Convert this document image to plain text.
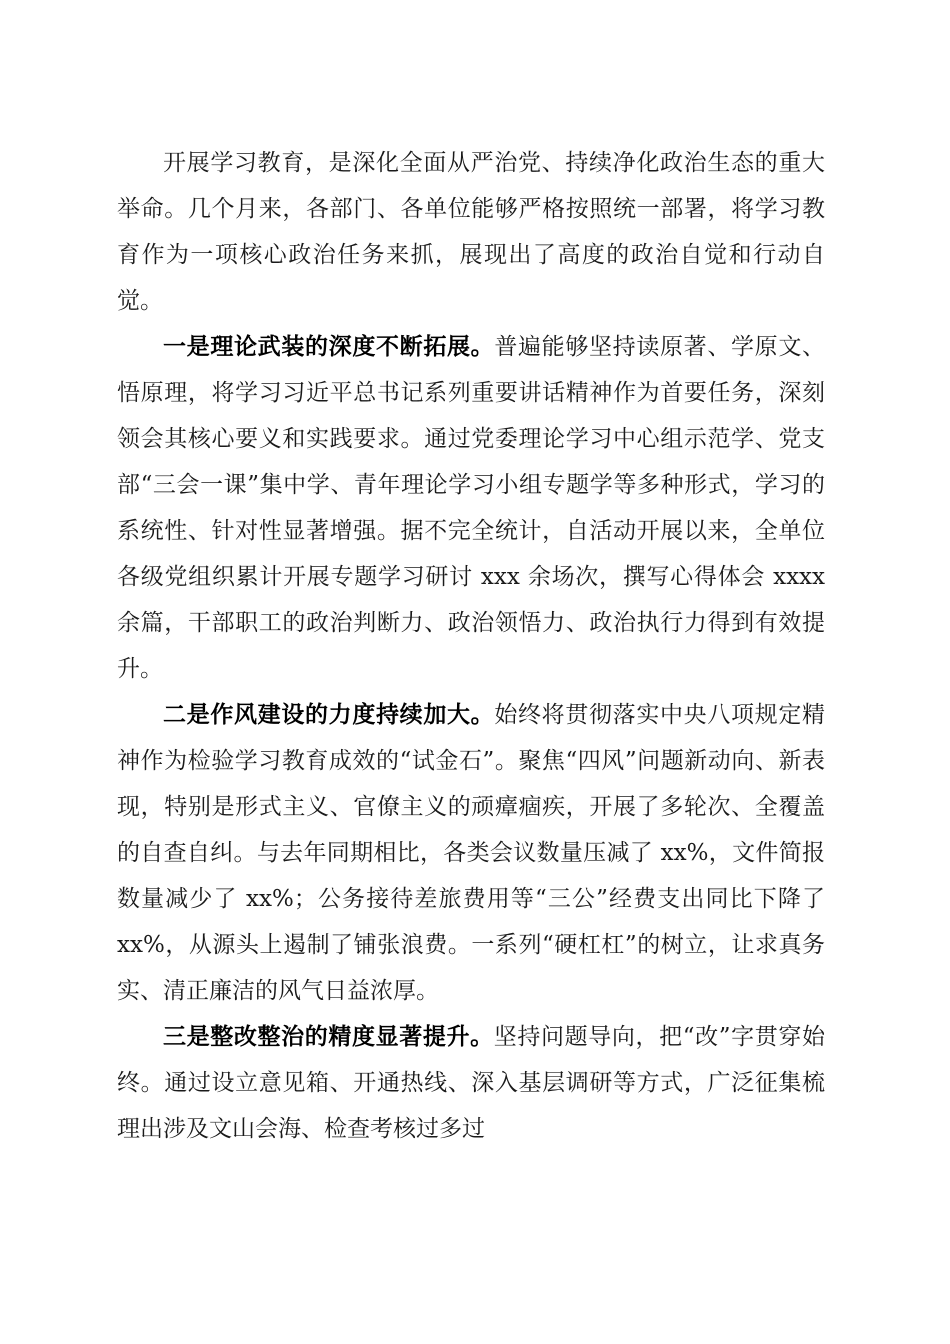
开展学习教育，是深化全面从严治党、持续净化政治生态的重大举命。几个月来，各部门、各单位能够严格按照统一部署，将学习教育作为一项核心政治任务来抓，展现出了高度的政治自觉和行动自觉。

一是理论武装的深度不断拓展。普遍能够坚持读原著、学原文、悟原理，将学习习近平总书记系列重要讲话精神作为首要任务，深刻领会其核心要义和实践要求。通过党委理论学习中心组示范学、党支部“三会一课”集中学、青年理论学习小组专题学等多种形式，学习的系统性、针对性显著增强。据不完全统计，自活动开展以来，全单位各级党组织累计开展专题学习研讨 xxx 余场次，撰写心得体会 xxxx 余篇，干部职工的政治判断力、政治领悟力、政治执行力得到有效提升。

二是作风建设的力度持续加大。始终将贯彻落实中央八项规定精神作为检验学习教育成效的“试金石”。聚焦“四风”问题新动向、新表现，特别是形式主义、官僚主义的顽瘴痼疾，开展了多轮次、全覆盖的自查自纠。与去年同期相比，各类会议数量压减了 xx%，文件简报数量减少了 xx%；公务接待差旅费用等“三公”经费支出同比下降了 xx%，从源头上遏制了铺张浪费。一系列“硬杠杠”的树立，让求真务实、清正廉洁的风气日益浓厚。

三是整改整治的精度显著提升。坚持问题导向，把“改”字贯穿始终。通过设立意见箱、开通热线、深入基层调研等方式，广泛征集梳理出涉及文山会海、检查考核过多过
